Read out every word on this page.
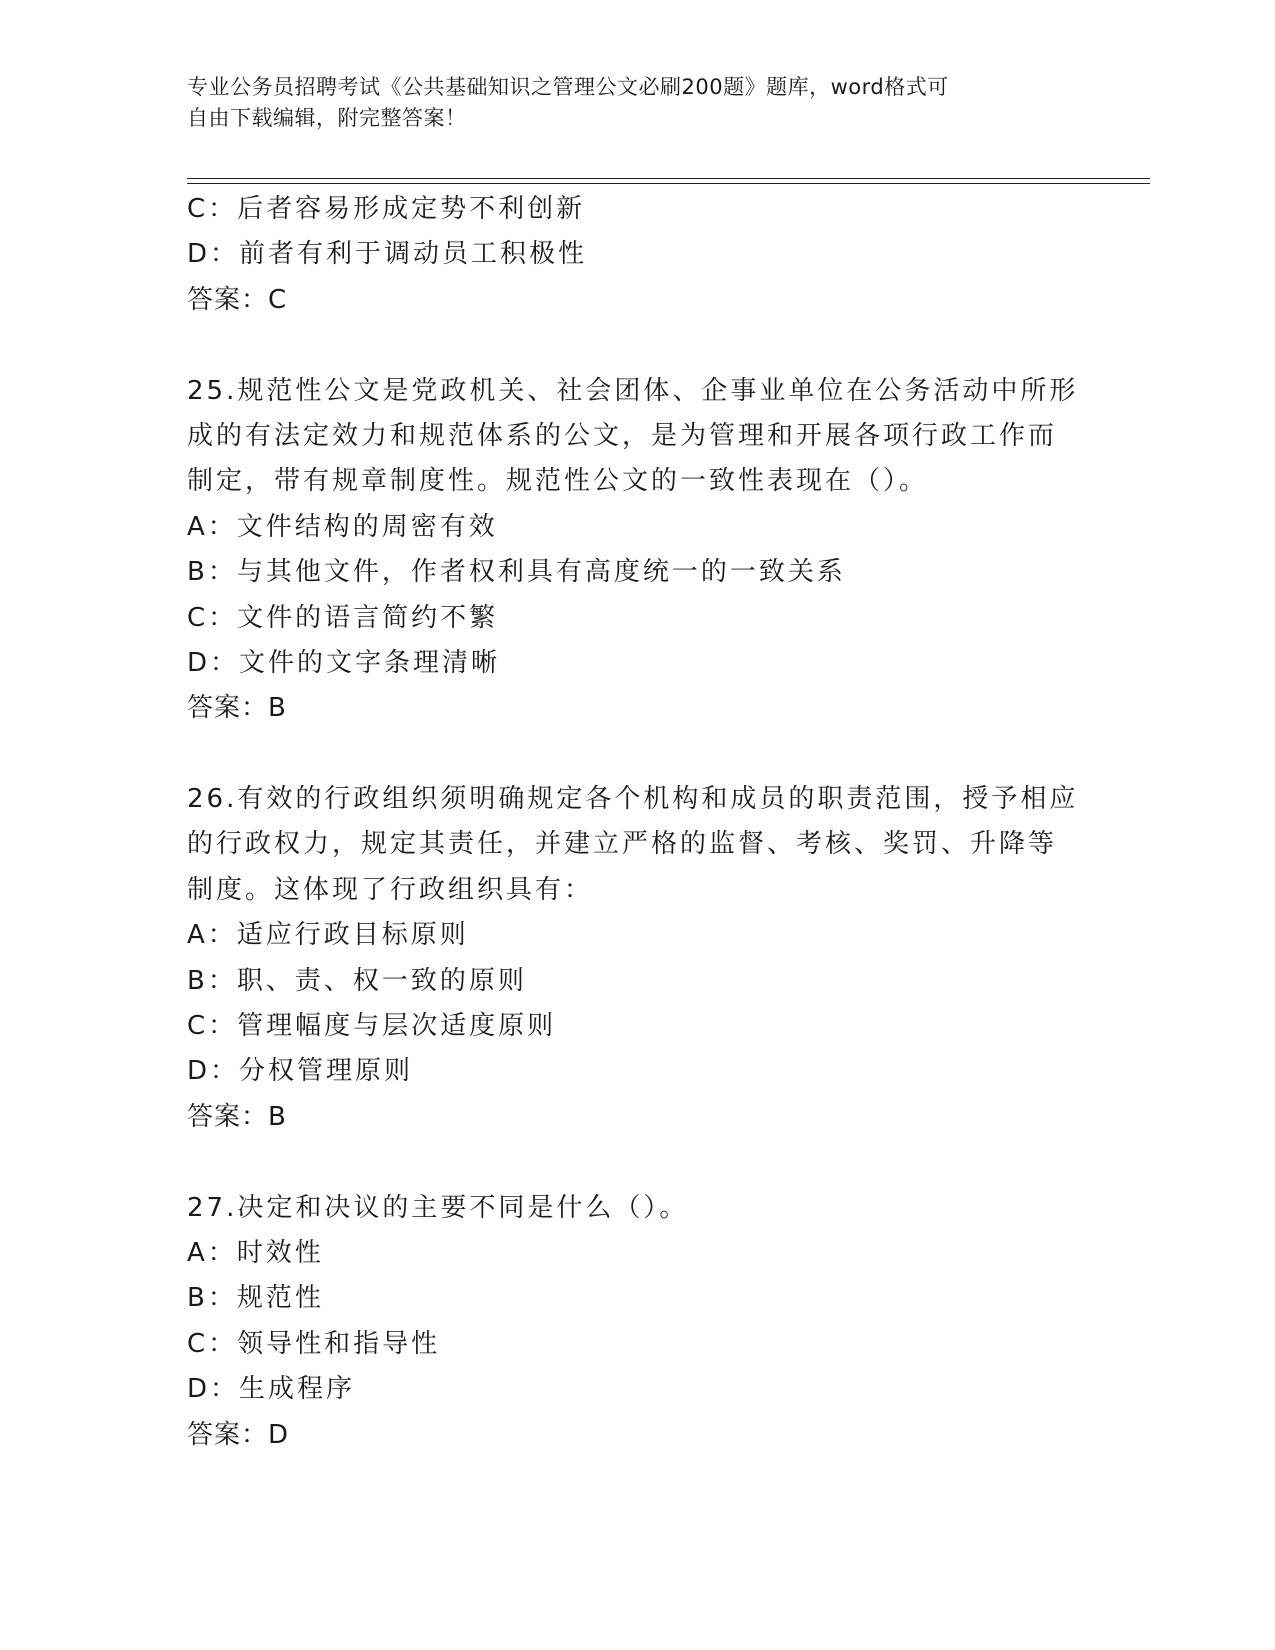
专业公务员招聘考试《公共基础知识之管理公文必刷200题》题库，word格式可
自由下载编辑，附完整答案！
C：后者容易形成定势不利创新
D：前者有利于调动员工积极性
答案：C
25.规范性公文是党政机关、社会团体、企事业单位在公务活动中所形
成的有法定效力和规范体系的公文，是为管理和开展各项行政工作而
制定，带有规章制度性。规范性公文的一致性表现在（）。
A：文件结构的周密有效
B：与其他文件，作者权利具有高度统一的一致关系
C：文件的语言简约不繁
D：文件的文字条理清晰
答案：B
26.有效的行政组织须明确规定各个机构和成员的职责范围，授予相应
的行政权力，规定其责任，并建立严格的监督、考核、奖罚、升降等
制度。这体现了行政组织具有：
A：适应行政目标原则
B：职、责、权一致的原则
C：管理幅度与层次适度原则
D：分权管理原则
答案：B
27.决定和决议的主要不同是什么（）。
A：时效性
B：规范性
C：领导性和指导性
D：生成程序
答案：D
